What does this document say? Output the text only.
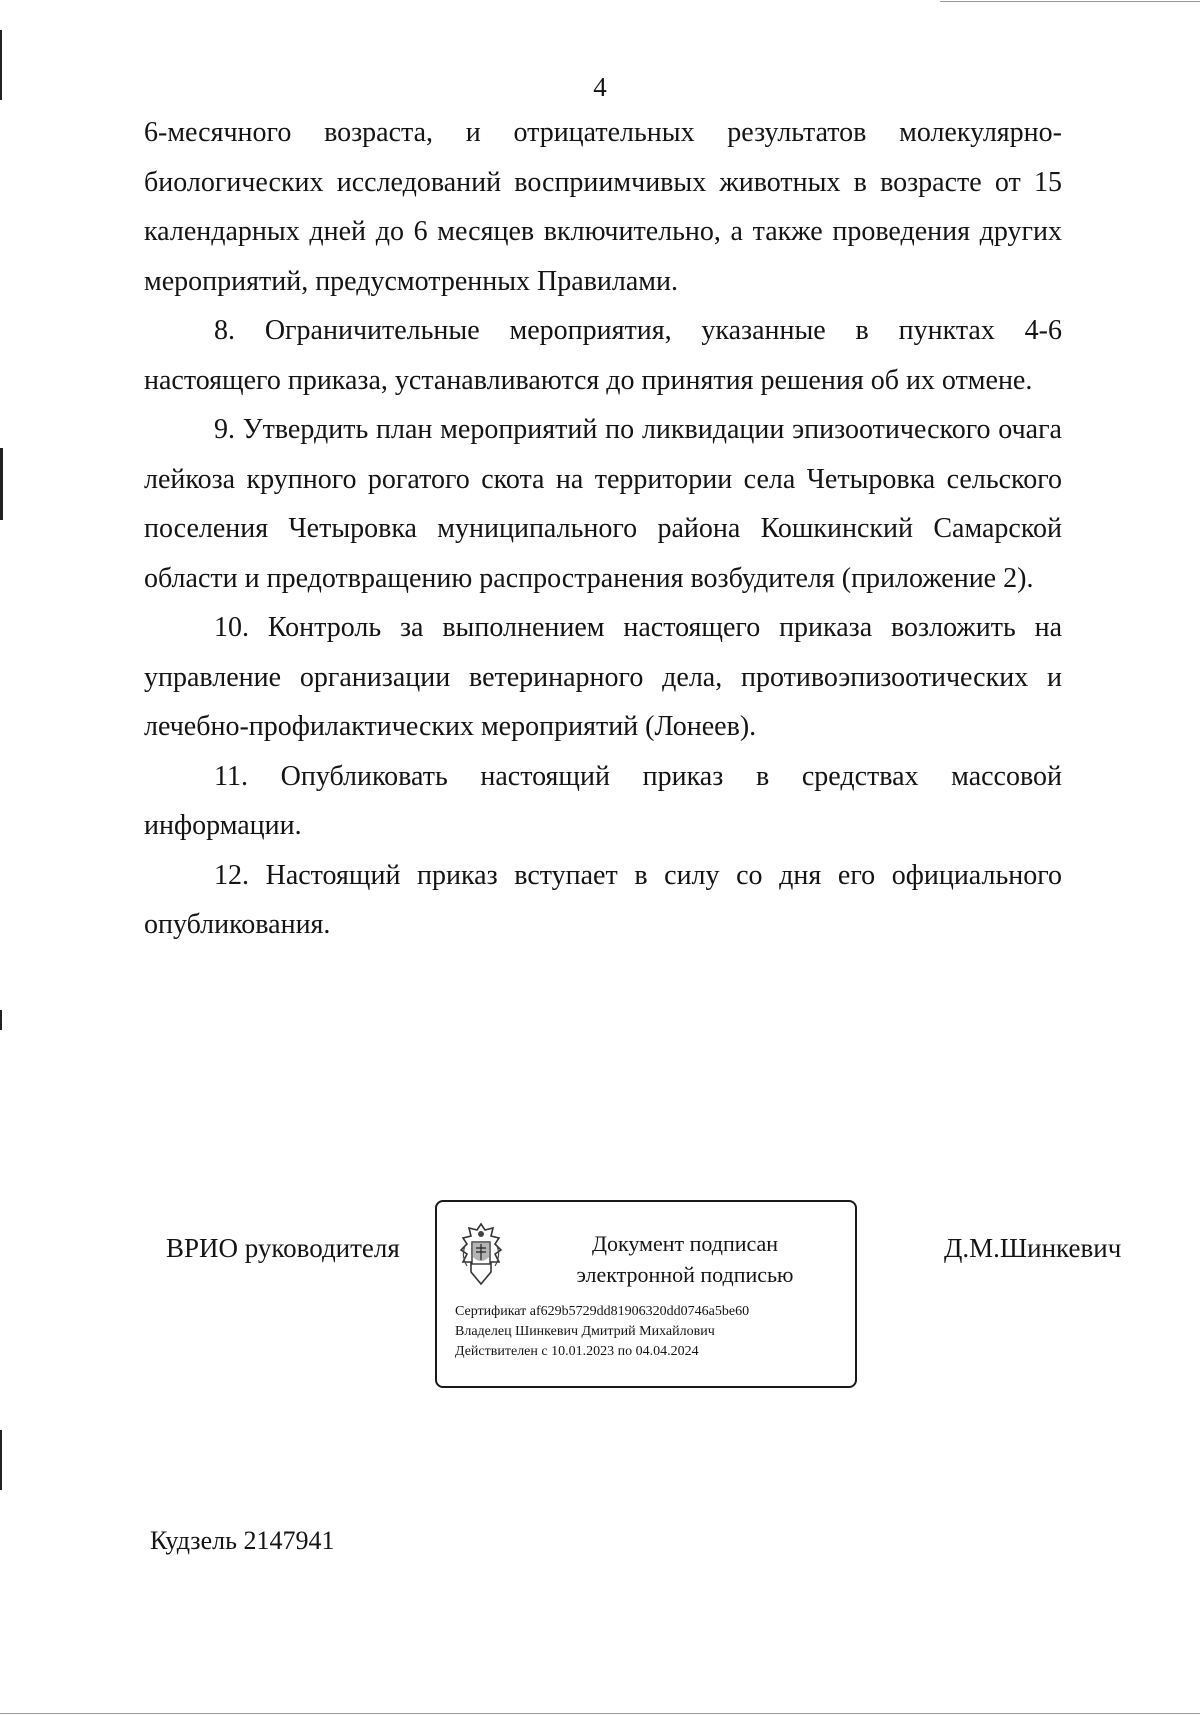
4

6-месячного возраста, и отрицательных результатов молекулярно-биологических исследований восприимчивых животных в возрасте от 15 календарных дней до 6 месяцев включительно, а также проведения других мероприятий, предусмотренных Правилами.

8. Ограничительные мероприятия, указанные в пунктах 4-6 настоящего приказа, устанавливаются до принятия решения об их отмене.

9. Утвердить план мероприятий по ликвидации эпизоотического очага лейкоза крупного рогатого скота на территории села Четыровка сельского поселения Четыровка муниципального района Кошкинский Самарской области и предотвращению распространения возбудителя (приложение 2).

10. Контроль за выполнением настоящего приказа возложить на управление организации ветеринарного дела, противоэпизоотических и лечебно-профилактических мероприятий (Лонеев).

11. Опубликовать настоящий приказ в средствах массовой информации.

12. Настоящий приказ вступает в силу со дня его официального опубликования.

ВРИО руководителя	Документ подписан
электронной подписью
Сертификат af629b5729dd81906320dd0746a5be60
Владелец Шинкевич Дмитрий Михайлович
Действителен с 10.01.2023 по 04.04.2024
Д.М.Шинкевич
Кудзель 2147941
